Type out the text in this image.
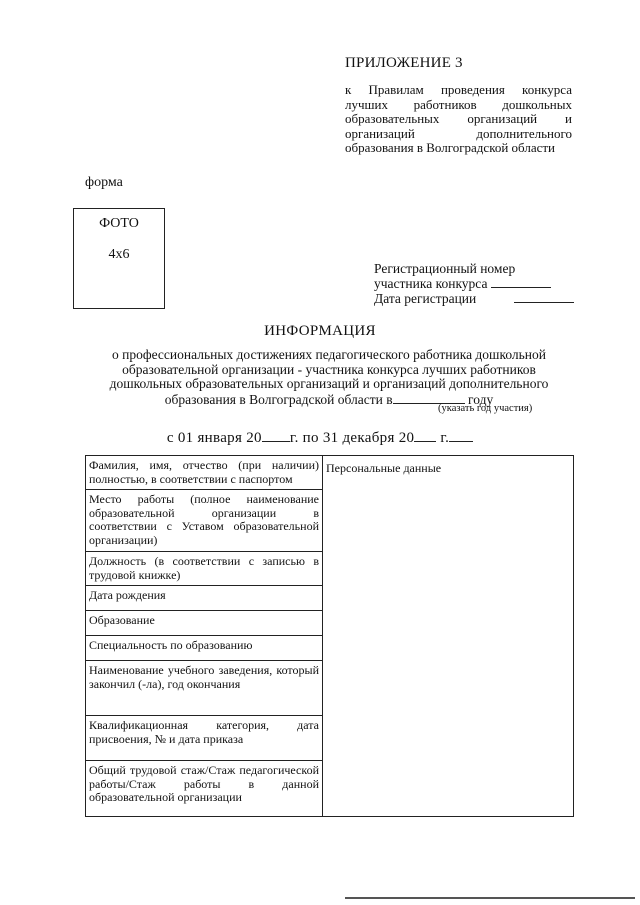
ПРИЛОЖЕНИЕ 3
к Правилам проведения конкурса лучших работников дошкольных образовательных организаций и организаций дополнительного образования в Волгоградской области
форма
ФОТО
4x6
Регистрационный номер
участника конкурса
Дата регистрации
ИНФОРМАЦИЯ
о профессиональных достижениях педагогического работника дошкольной образовательной организации - участника конкурса лучших работников дошкольных образовательных организаций и организаций дополнительного образования в Волгоградской области в	году
(указать год участия)
с 01 января 20 г. по 31 декабря 20 г.
Фамилия, имя, отчество (при наличии) полностью, в соответствии с паспортом	Персональные данные
Место работы (полное наименование образовательной организации в соответствии с Уставом образовательной организации)
Должность (в соответствии с записью в трудовой книжке)
Дата рождения
Образование
Специальность по образованию
Наименование учебного заведения, который закончил (-ла), год окончания
Квалификационная категория, дата присвоения, № и дата приказа
Общий трудовой стаж/Стаж педагогической работы/Стаж работы в данной образовательной организации
